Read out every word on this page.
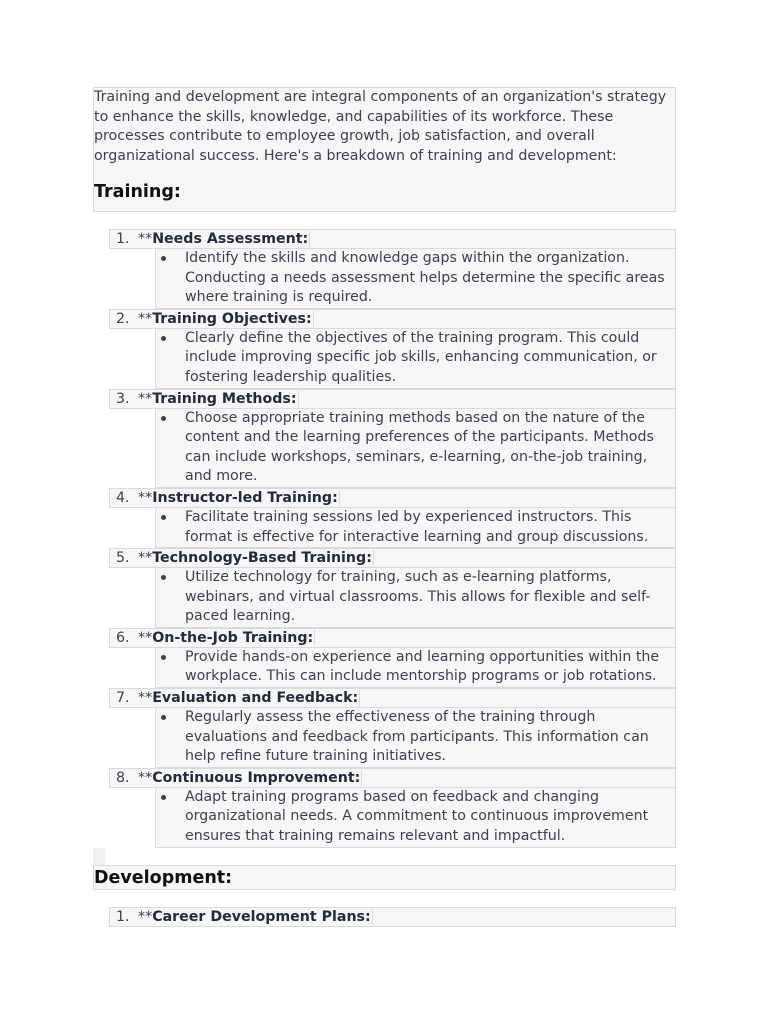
Training and development are integral components of an organization's strategy to enhance the skills, knowledge, and capabilities of its workforce. These processes contribute to employee growth, job satisfaction, and overall organizational success. Here's a breakdown of training and development:

Training:
1. **Needs Assessment:
Identify the skills and knowledge gaps within the organization. Conducting a needs assessment helps determine the specific areas where training is required.
2. **Training Objectives:
Clearly define the objectives of the training program. This could include improving specific job skills, enhancing communication, or fostering leadership qualities.
3. **Training Methods:
Choose appropriate training methods based on the nature of the content and the learning preferences of the participants. Methods can include workshops, seminars, e-learning, on-the-job training, and more.
4. **Instructor-led Training:
Facilitate training sessions led by experienced instructors. This format is effective for interactive learning and group discussions.
5. **Technology-Based Training:
Utilize technology for training, such as e-learning platforms, webinars, and virtual classrooms. This allows for flexible and self-paced learning.
6. **On-the-Job Training:
Provide hands-on experience and learning opportunities within the workplace. This can include mentorship programs or job rotations.
7. **Evaluation and Feedback:
Regularly assess the effectiveness of the training through evaluations and feedback from participants. This information can help refine future training initiatives.
8. **Continuous Improvement:
Adapt training programs based on feedback and changing organizational needs. A commitment to continuous improvement ensures that training remains relevant and impactful.
Development:
1. **Career Development Plans:
